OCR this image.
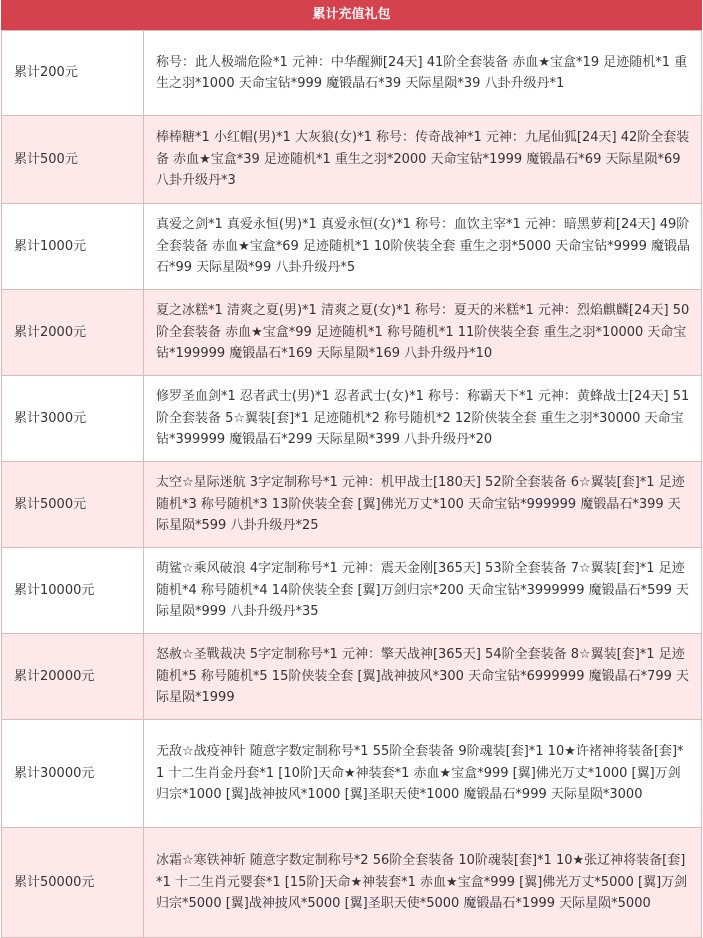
累计充值礼包
累计200元	称号：此人极端危险*1 元神：中华醒狮[24天] 41阶全套装备 赤血★宝盒*19 足迹随机*1 重生之羽*1000 天命宝钻*999 魔锻晶石*39 天际星陨*39 八卦升级丹*1
累计500元	棒棒糖*1 小红帽(男)*1 大灰狼(女)*1 称号：传奇战神*1 元神：九尾仙狐[24天] 42阶全套装备 赤血★宝盒*39 足迹随机*1 重生之羽*2000 天命宝钻*1999 魔锻晶石*69 天际星陨*69 八卦升级丹*3
累计1000元	真爱之剑*1 真爱永恒(男)*1 真爱永恒(女)*1 称号：血饮主宰*1 元神：暗黑萝莉[24天] 49阶全套装备 赤血★宝盒*69 足迹随机*1 10阶侠装全套 重生之羽*5000 天命宝钻*9999 魔锻晶石*99 天际星陨*99 八卦升级丹*5
累计2000元	夏之冰糕*1 清爽之夏(男)*1 清爽之夏(女)*1 称号：夏天的米糕*1 元神：烈焰麒麟[24天] 50阶全套装备 赤血★宝盒*99 足迹随机*1 称号随机*1 11阶侠装全套 重生之羽*10000 天命宝钻*199999 魔锻晶石*169 天际星陨*169 八卦升级丹*10
累计3000元	修罗圣血剑*1 忍者武士(男)*1 忍者武士(女)*1 称号：称霸天下*1 元神：黄蜂战士[24天] 51阶全套装备 5☆翼装[套]*1 足迹随机*2 称号随机*2 12阶侠装全套 重生之羽*30000 天命宝钻*399999 魔锻晶石*299 天际星陨*399 八卦升级丹*20
累计5000元	太空☆星际迷航 3字定制称号*1 元神：机甲战士[180天] 52阶全套装备 6☆翼装[套]*1 足迹随机*3 称号随机*3 13阶侠装全套 [翼]佛光万丈*100 天命宝钻*999999 魔锻晶石*399 天际星陨*599 八卦升级丹*25
累计10000元	萌鲨☆乘风破浪 4字定制称号*1 元神：震天金刚[365天] 53阶全套装备 7☆翼装[套]*1 足迹随机*4 称号随机*4 14阶侠装全套 [翼]万剑归宗*200 天命宝钻*3999999 魔锻晶石*599 天际星陨*999 八卦升级丹*35
累计20000元	怒赦☆圣戰裁决 5字定制称号*1 元神：擎天战神[365天] 54阶全套装备 8☆翼装[套]*1 足迹随机*5 称号随机*5 15阶侠装全套 [翼]战神披风*300 天命宝钻*6999999 魔锻晶石*799 天际星陨*1999
累计30000元	无敌☆战疫神针 随意字数定制称号*1 55阶全套装备 9阶魂装[套]*1 10★许褚神将装备[套]*1 十二生肖金丹套*1 [10阶]天命★神装套*1 赤血★宝盒*999 [翼]佛光万丈*1000 [翼]万剑归宗*1000 [翼]战神披风*1000 [翼]圣职天使*1000 魔锻晶石*999 天际星陨*3000
累计50000元	冰霜☆寒铁神斩 随意字数定制称号*2 56阶全套装备 10阶魂装[套]*1 10★张辽神将装备[套]*1 十二生肖元婴套*1 [15阶]天命★神装套*1 赤血★宝盒*999 [翼]佛光万丈*5000 [翼]万剑归宗*5000 [翼]战神披风*5000 [翼]圣职天使*5000 魔锻晶石*1999 天际星陨*5000
